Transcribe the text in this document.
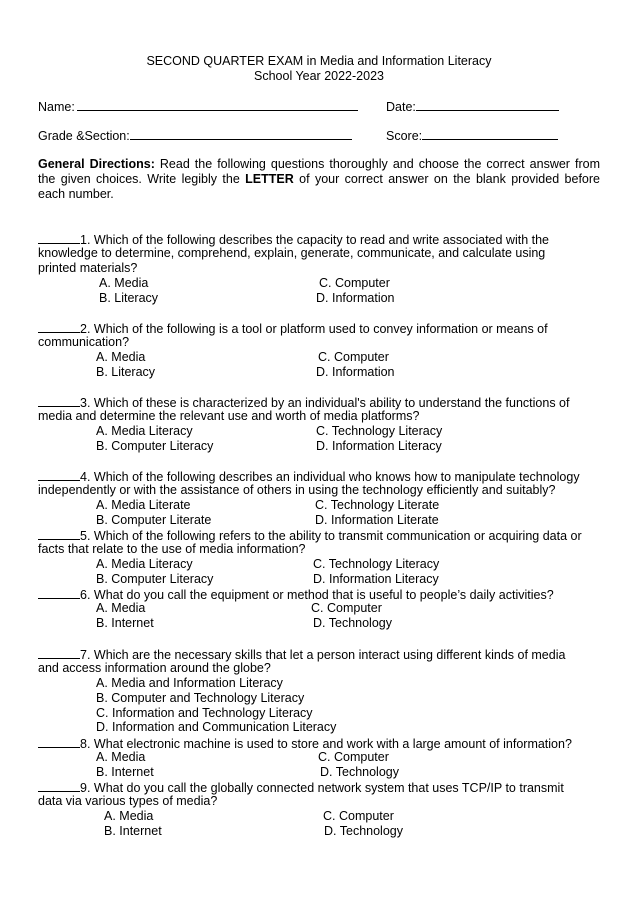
SECOND QUARTER EXAM in Media and Information Literacy
School Year 2022-2023
Name:	Date:
Grade &Section:	Score:
General Directions: Read the following questions thoroughly and choose the correct answer from the given choices. Write legibly the LETTER of your correct answer on the blank provided before each number.
1. Which of the following describes the capacity to read and write associated with the
knowledge to determine, comprehend, explain, generate, communicate, and calculate using
printed materials?
A. Media	C. Computer
B. Literacy	D. Information
2. Which of the following is a tool or platform used to convey information or means of
communication?
A. Media	C. Computer
B. Literacy	D. Information
3. Which of these is characterized by an individual's ability to understand the functions of
media and determine the relevant use and worth of media platforms?
A. Media Literacy	C. Technology Literacy
B. Computer Literacy	D. Information Literacy
4. Which of the following describes an individual who knows how to manipulate technology
independently or with the assistance of others in using the technology efficiently and suitably?
A. Media Literate	C. Technology Literate
B. Computer Literate	D. Information Literate
5. Which of the following refers to the ability to transmit communication or acquiring data or
facts that relate to the use of media information?
A. Media Literacy	C. Technology Literacy
B. Computer Literacy	D. Information Literacy
6. What do you call the equipment or method that is useful to people’s daily activities?
A. Media	C. Computer
B. Internet	D. Technology
7. Which are the necessary skills that let a person interact using different kinds of media
and access information around the globe?
A. Media and Information Literacy
B. Computer and Technology Literacy
C. Information and Technology Literacy
D. Information and Communication Literacy
8. What electronic machine is used to store and work with a large amount of information?
A. Media	C. Computer
B. Internet	D. Technology
9. What do you call the globally connected network system that uses TCP/IP to transmit
data via various types of media?
A. Media	C. Computer
B. Internet	D. Technology
